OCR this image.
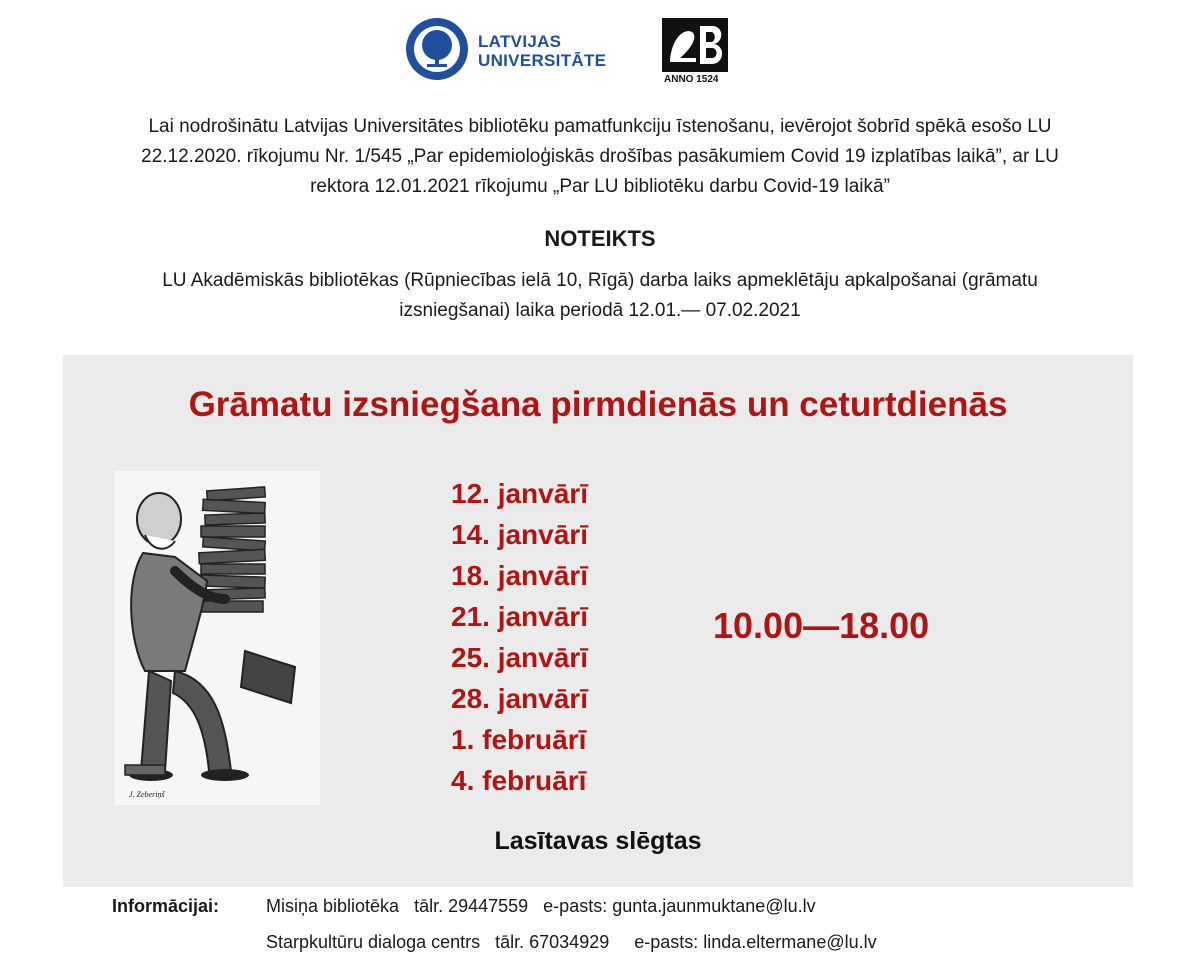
LATVIJAS
UNIVERSITĀTE
ANNO 1524
Lai nodrošinātu Latvijas Universitātes bibliotēku pamatfunkciju īstenošanu, ievērojot šobrīd spēkā esošo LU
22.12.2020. rīkojumu Nr. 1/545 „Par epidemioloģiskās drošības pasākumiem Covid 19 izplatības laikā”, ar LU
rektora 12.01.2021 rīkojumu „Par LU bibliotēku darbu Covid-19 laikā”
NOTEIKTS
LU Akadēmiskās bibliotēkas (Rūpniecības ielā 10, Rīgā) darba laiks apmeklētāju apkalpošanai (grāmatu
izsniegšanai) laika periodā 12.01.— 07.02.2021
Grāmatu izsniegšana pirmdienās un ceturtdienās
J. Zeberiņš
12. janvārī
14. janvārī
18. janvārī
21. janvārī
25. janvārī
28. janvārī
1. februārī
4. februārī
10.00—18.00
Lasītavas slēgtas
Informācijai:	Misiņa bibliotēka   tālr. 29447559   e-pasts: gunta.jaunmuktane@lu.lv
Starpkultūru dialoga centrs   tālr. 67034929     e-pasts: linda.eltermane@lu.lv
